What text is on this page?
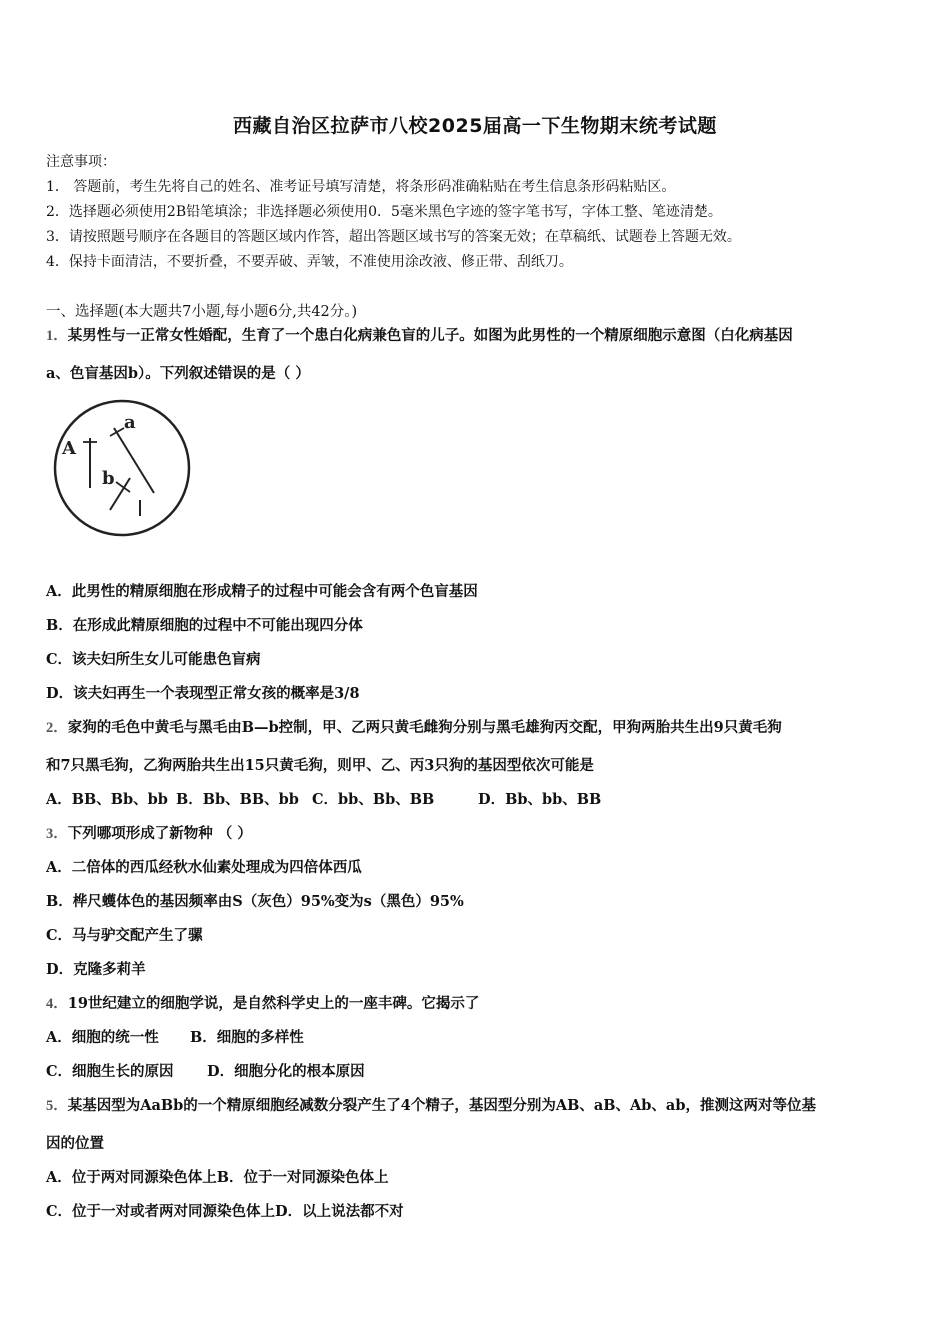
西藏自治区拉萨市八校2025届高一下生物期末统考试题
注意事项：
1． 答题前，考生先将自己的姓名、准考证号填写清楚，将条形码准确粘贴在考生信息条形码粘贴区。
2．选择题必须使用2B铅笔填涂；非选择题必须使用0．5毫米黑色字迹的签字笔书写，字体工整、笔迹清楚。
3．请按照题号顺序在各题目的答题区域内作答，超出答题区域书写的答案无效；在草稿纸、试题卷上答题无效。
4．保持卡面清洁，不要折叠，不要弄破、弄皱，不准使用涂改液、修正带、刮纸刀。
一、选择题(本大题共7小题,每小题6分,共42分。)
1．某男性与一正常女性婚配，生育了一个患白化病兼色盲的儿子。如图为此男性的一个精原细胞示意图（白化病基因
a、色盲基因b）。下列叙述错误的是（ ）
A
a
b
A．此男性的精原细胞在形成精子的过程中可能会含有两个色盲基因
B．在形成此精原细胞的过程中不可能出现四分体
C．该夫妇所生女儿可能患色盲病
D．该夫妇再生一个表现型正常女孩的概率是3/8
2．家狗的毛色中黄毛与黑毛由B—b控制，甲、乙两只黄毛雌狗分别与黑毛雄狗丙交配，甲狗两胎共生出9只黄毛狗
和7只黑毛狗，乙狗两胎共生出15只黄毛狗，则甲、乙、丙3只狗的基因型依次可能是
A．BB、Bb、bb B．Bb、BB、bb C．bb、Bb、BB	D．Bb、bb、BB
3．下列哪项形成了新物种 （ ）
A．二倍体的西瓜经秋水仙素处理成为四倍体西瓜
B．桦尺蠖体色的基因频率由S（灰色）95%变为s（黑色）95%
C．马与驴交配产生了骡
D．克隆多莉羊
4．19世纪建立的细胞学说，是自然科学史上的一座丰碑。它揭示了
A．细胞的统一性 B．细胞的多样性
C．细胞生长的原因 D．细胞分化的根本原因
5．某基因型为AaBb的一个精原细胞经减数分裂产生了4个精子，基因型分别为AB、aB、Ab、ab，推测这两对等位基
因的位置
A．位于两对同源染色体上B．位于一对同源染色体上
C．位于一对或者两对同源染色体上D．以上说法都不对
